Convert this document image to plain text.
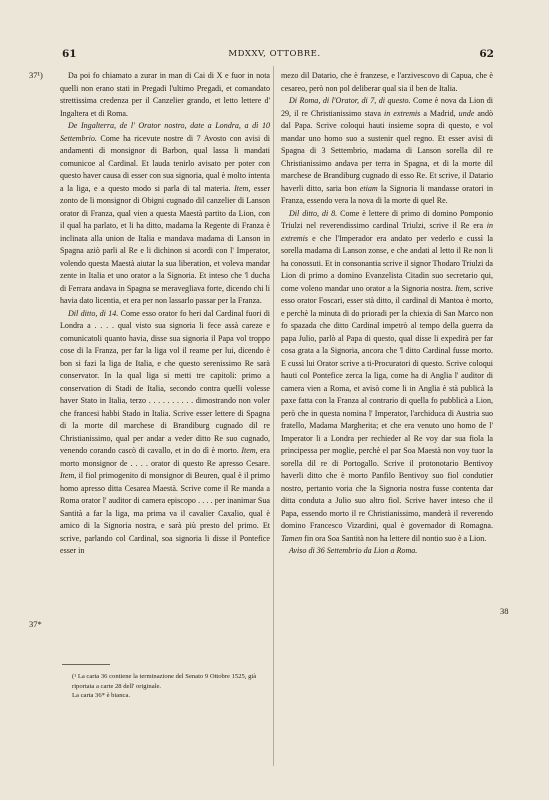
61	MDXXV, OTTOBRE.	62
37¹)
37*
38

Da poi fo chiamato a zurar in man di Cai di X e fuor in nota quelli non erano stati in Pregadi l'ultimo Pregadi, et comandato strettissima credenza per il Canzelier grando, et letto lettere d' Ingaltera et di Roma.

De Ingalterra, de l' Orator nostro, date a Londra, a dì 10 Settembrio. Come ha ricevute nostre di 7 Avosto con avisi di andamenti di monsignor di Barbon, qual lassa li mandati comunicoe al Cardinal. Et lauda tenirlo avisato per poter con questo haver causa di esser con sua signoria, qual è molto intenta a la liga, e a questo modo si parla di tal materia. Item, esser zonto de li monsignor di Obigni cugnado dil canzelier di Lanson orator di Franza, qual vien a questa Maestà partito da Lion, con il qual ha parlato, et li ha ditto, madama la Regente di Franza è inclinata alla union de Italia e mandava madama di Lanson in Spagna aziò parli al Re e li dichinon si acordi con l' Imperator, volendo questa Maestà aiutar la sua liberation, et voleva mandar zente in Italia et uno orator a la Signoria. Et inteso che 'l ducha di Ferrara andava in Spagna se meravegliava forte, dicendo chi li havia dato licentia, et era per non lassarlo passar per la Franza.

Dil ditto, di 14. Come esso orator fo heri dal Cardinal fuori di Londra a . . . . qual visto sua signoria li fece assà careze e comunicatoli quanto havia, disse sua signoria il Papa vol troppo cose di la Franza, per far la liga vol il reame per lui, dicendo è bon si fazi la liga de Italia, e che questo serenissimo Re sarà conservator. In la qual liga si metti tre capitoli: primo a conservation di Stadi de Italia, secondo contra quelli volesse haver Stato in Italia, terzo . . . . . . . . . . dimostrando non voler che francesi habbi Stado in Italia. Scrive esser lettere di Spagna di la morte dil marchese di Brandiburg cugnado dil re Christianissimo, qual per andar a veder ditto Re suo cugnado, venendo corando cascò di cavallo, et in do dì è morto. Item, era morto monsignor de . . . . orator di questo Re apresso Cesare. Item, il fiol primogenito di monsignor di Beuren, qual è il primo homo apresso ditta Cesarea Maestà. Scrive come il Re manda a Roma orator l' auditor di camera episcopo . . . . per inanimar Sua Santità a far la liga, ma prima va il cavalier Caxalio, qual è amico di la Signoria nostra, e sarà più presto del primo. Et scrive, parlando col Cardinal, soa signoria li disse il Pontefice esser in

(¹ La carta 36 contiene la terminazione del Senato 9 Ottobre 1525, già riportata a carte 28 dell' originale.

La carta 36* è bianca.

mezo dil Datario, che è franzese, e l'arzivescovo di Capua, che è cesareo, però non pol deliberar qual sia il ben de Italia.

Di Roma, di l'Orator, di 7, di questo. Come è nova da Lion di 29, il re Christianissimo stava in extremis a Madrid, unde andò dal Papa. Scrive coloqui hauti insieme sopra di questo, e vol mandar uno homo suo a sustenir quel regno. Et esser avisi di Spagna di 3 Settembrio, madama di Lanson sorella dil re Christianissimo andava per terra in Spagna, et di la morte dil marchese de Brandiburg cugnado di esso Re. Et scrive, il Datario haverli ditto, saria bon etiam la Signoria li mandasse oratori in Franza, essendo vera la nova di la morte di quel Re.

Dil ditto, di 8. Come è lettere di primo di domino Pomponio Triulzi nel reverendissimo cardinal Triulzi, scrive il Re era in extremis e che l'Imperador era andato per vederlo e cussì la sorella madama di Lanson zonse, e che andati al letto il Re non li ha conossuti. Et in consonantia scrive il signor Thodaro Triulzi da Lion di primo a domino Evanzelista Citadin suo secretario qui, come voleno mandar uno orator a la Signoria nostra. Item, scrive esso orator Foscari, esser stà ditto, il cardinal di Mantoa è morto, e perchè la minuta di do prioradi per la chiexia di San Marco non fo spazada che ditto Cardinal impetrò al tempo della guerra da papa Julio, parlò al Papa di questo, qual disse li expedirà per far cosa grata a la Signoria, ancora che 'l ditto Cardinal fusse morto. E cussì lui Orator scrive a ti-Procuratori di questo. Scrive coloqui hauti col Pontefice zerca la liga, come ha di Anglia l' auditor di camera vien a Roma, et avisò come li in Anglia è stà publicà la paxe fatta con la Franza al contrario di quella fo pubblicà a Lion, però che in questa nomina l' Imperator, l'archiduca di Austria suo fratello, Madama Margherita; et che era venuto uno homo de l' Imperator li a Londra per rechieder al Re voy dar sua fiola la principessa per moglie, perchè el par Soa Maestà non voy tuor la sorella dil re di Portogallo. Scrive il protonotario Bentivoy haverli ditto che è morto Panfilo Bentivoy suo fiol condutier nostro, pertanto voria che la Signoria nostra fusse contenta dar ditta conduta a Julio suo altro fiol. Scrive haver inteso che il Papa, essendo morto il re Christianissimo, manderà il reverendo domino Francesco Vizardini, qual è governador di Romagna. Tamen fin ora Soa Santità non ha lettere dil nontio suo è a Lion.

Aviso di 36 Settembrio da Lion a Roma.
